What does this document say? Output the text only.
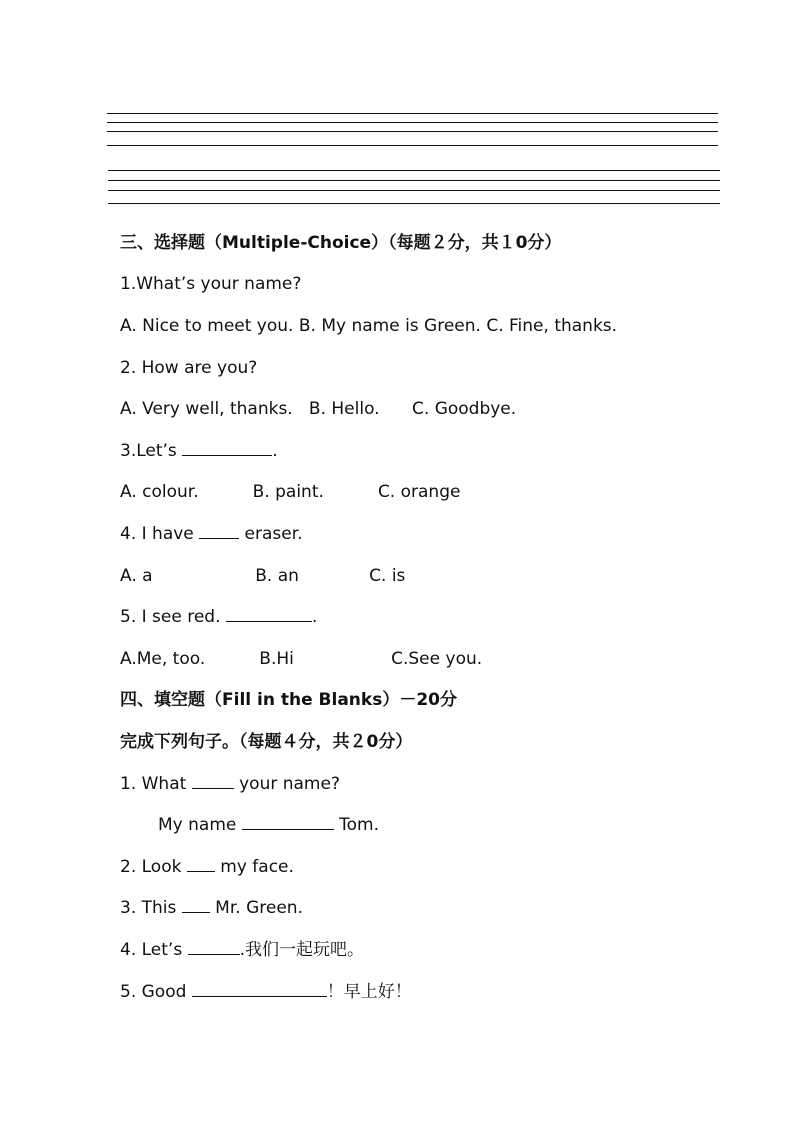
三、选择题（Multiple-Choice）（每题２分，共１0分）
1.What’s your name?
A. Nice to meet you. B. My name is Green. C. Fine, thanks.
2. How are you?
A. Very well, thanks.   B. Hello.      C. Goodbye.
3.Let’s	.
A. colour.          B. paint.          C. orange
4. I have  eraser.
A. a                   B. an             C. is
5. I see red.	.
A.Me, too.          B.Hi                  C.See you.
四、填空题（Fill in the Blanks）－20分
完成下列句子。（每题４分，共２0分）
1. What  your name?
My name	Tom.
2. Look  my face.
3. This  Mr. Green.
4. Let’s	.我们一起玩吧。
5. Good	！早上好！
